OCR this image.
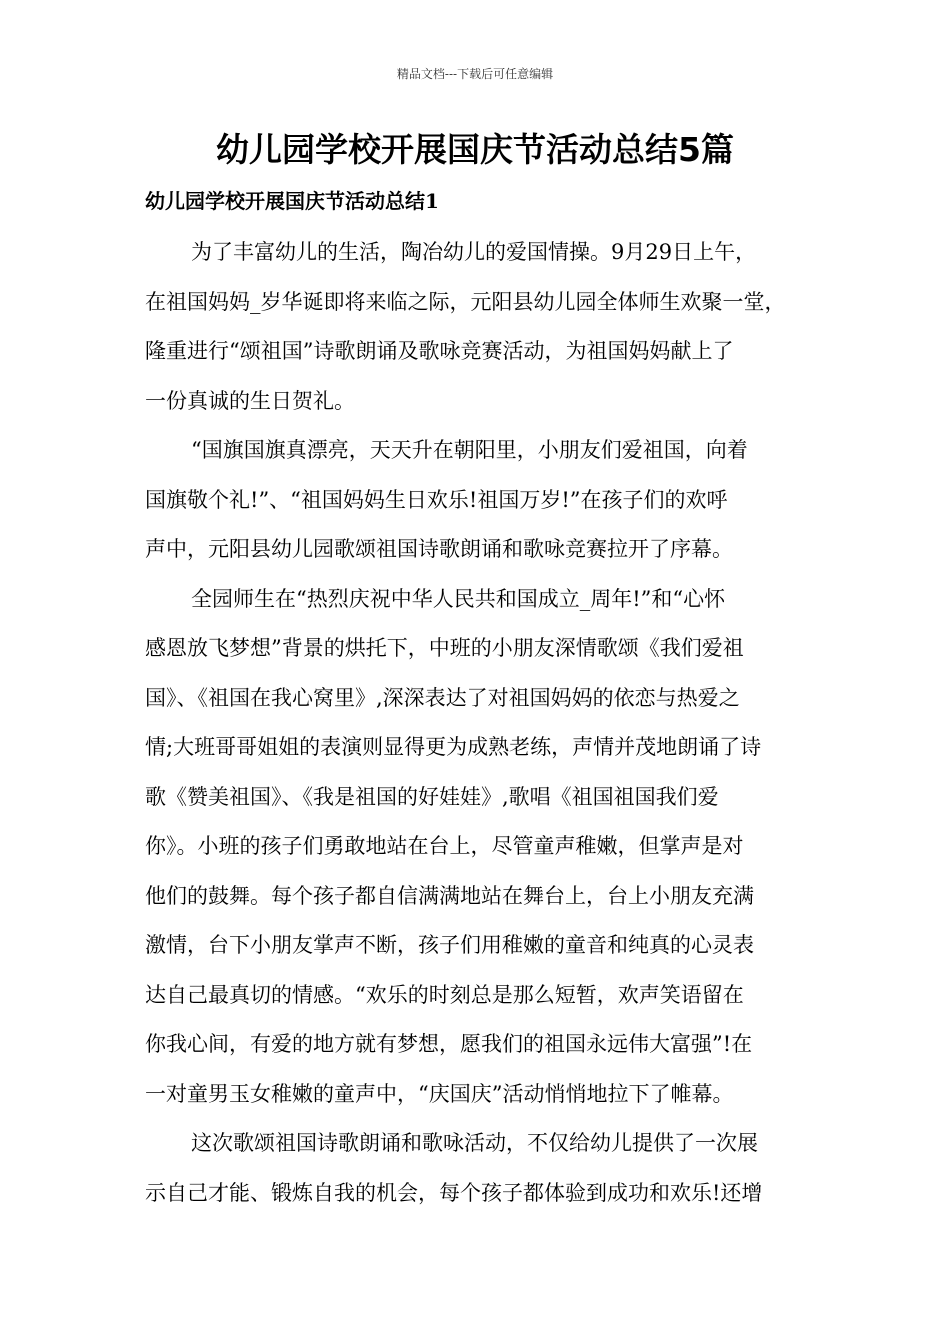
精品文档---下载后可任意编辑
幼儿园学校开展国庆节活动总结5篇
幼儿园学校开展国庆节活动总结1
为了丰富幼儿的生活，陶冶幼儿的爱国情操。9月29日上午，
在祖国妈妈_岁华诞即将来临之际，元阳县幼儿园全体师生欢聚一堂，
隆重进行“颂祖国”诗歌朗诵及歌咏竞赛活动，为祖国妈妈献上了
一份真诚的生日贺礼。
“国旗国旗真漂亮，天天升在朝阳里，小朋友们爱祖国，向着
国旗敬个礼!”、“祖国妈妈生日欢乐!祖国万岁!”在孩子们的欢呼
声中，元阳县幼儿园歌颂祖国诗歌朗诵和歌咏竞赛拉开了序幕。
全园师生在“热烈庆祝中华人民共和国成立_周年!”和“心怀
感恩放飞梦想”背景的烘托下，中班的小朋友深情歌颂《我们爱祖
国》、《祖国在我心窝里》,深深表达了对祖国妈妈的依恋与热爱之
情;大班哥哥姐姐的表演则显得更为成熟老练，声情并茂地朗诵了诗
歌《赞美祖国》、《我是祖国的好娃娃》,歌唱《祖国祖国我们爱
你》。小班的孩子们勇敢地站在台上，尽管童声稚嫩，但掌声是对
他们的鼓舞。每个孩子都自信满满地站在舞台上，台上小朋友充满
激情，台下小朋友掌声不断，孩子们用稚嫩的童音和纯真的心灵表
达自己最真切的情感。“欢乐的时刻总是那么短暂，欢声笑语留在
你我心间，有爱的地方就有梦想，愿我们的祖国永远伟大富强”!在
一对童男玉女稚嫩的童声中，“庆国庆”活动悄悄地拉下了帷幕。
这次歌颂祖国诗歌朗诵和歌咏活动，不仅给幼儿提供了一次展
示自己才能、锻炼自我的机会，每个孩子都体验到成功和欢乐!还增
